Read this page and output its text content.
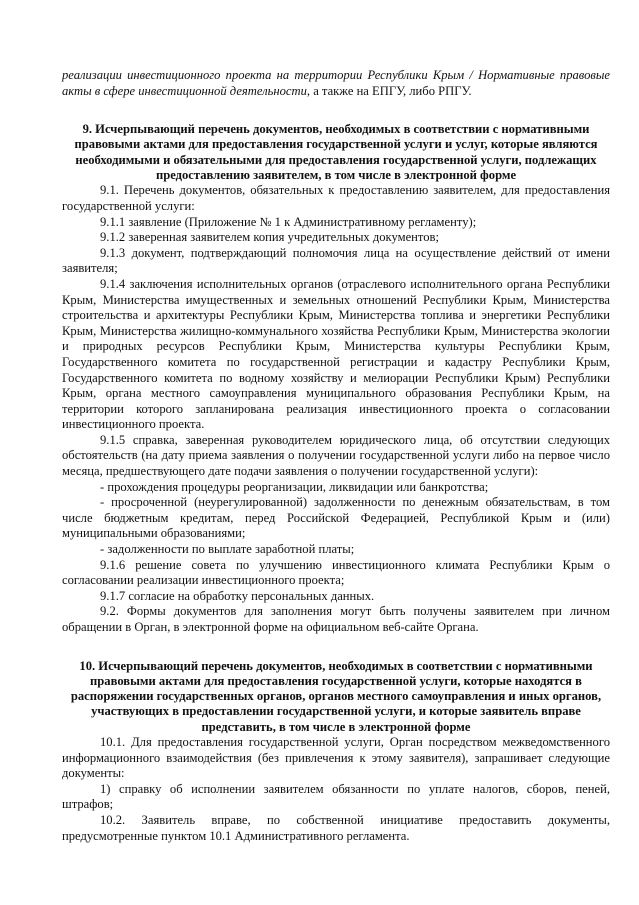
реализации инвестиционного проекта на территории Республики Крым / Нормативные правовые акты в сфере инвестиционной деятельности, а также на ЕПГУ, либо РПГУ.

9. Исчерпывающий перечень документов, необходимых в соответствии с нормативными правовыми актами для предоставления государственной услуги и услуг, которые являются необходимыми и обязательными для предоставления государственной услуги, подлежащих предоставлению заявителем, в том числе в электронной форме

9.1. Перечень документов, обязательных к предоставлению заявителем, для предоставления государственной услуги:

9.1.1 заявление (Приложение № 1 к Административному регламенту);

9.1.2 заверенная заявителем копия учредительных документов;

9.1.3 документ, подтверждающий полномочия лица на осуществление действий от имени заявителя;

9.1.4 заключения исполнительных органов (отраслевого исполнительного органа Республики Крым, Министерства имущественных и земельных отношений Республики Крым, Министерства строительства и архитектуры Республики Крым, Министерства топлива и энергетики Республики Крым, Министерства жилищно-коммунального хозяйства Республики Крым, Министерства экологии и природных ресурсов Республики Крым, Министерства культуры Республики Крым, Государственного комитета по государственной регистрации и кадастру Республики Крым, Государственного комитета по водному хозяйству и мелиорации Республики Крым) Республики Крым, органа местного самоуправления муниципального образования Республики Крым, на территории которого запланирована реализация инвестиционного проекта о согласовании инвестиционного проекта.

9.1.5 справка, заверенная руководителем юридического лица, об отсутствии следующих обстоятельств (на дату приема заявления о получении государственной услуги либо на первое число месяца, предшествующего дате подачи заявления о получении государственной услуги):

- прохождения процедуры реорганизации, ликвидации или банкротства;

- просроченной (неурегулированной) задолженности по денежным обязательствам, в том числе бюджетным кредитам, перед Российской Федерацией, Республикой Крым и (или) муниципальными образованиями;

- задолженности по выплате заработной платы;

9.1.6 решение совета по улучшению инвестиционного климата Республики Крым о согласовании реализации инвестиционного проекта;

9.1.7 согласие на обработку персональных данных.

9.2. Формы документов для заполнения могут быть получены заявителем при личном обращении в Орган, в электронной форме на официальном веб-сайте Органа.

10. Исчерпывающий перечень документов, необходимых в соответствии с нормативными правовыми актами для предоставления государственной услуги, которые находятся в распоряжении государственных органов, органов местного самоуправления и иных органов, участвующих в предоставлении государственной услуги, и которые заявитель вправе представить, в том числе в электронной форме

10.1. Для предоставления государственной услуги, Орган посредством межведомственного информационного взаимодействия (без привлечения к этому заявителя), запрашивает следующие документы:

1) справку об исполнении заявителем обязанности по уплате налогов, сборов, пеней, штрафов;

10.2. Заявитель вправе, по собственной инициативе предоставить документы, предусмотренные пунктом 10.1 Административного регламента.
